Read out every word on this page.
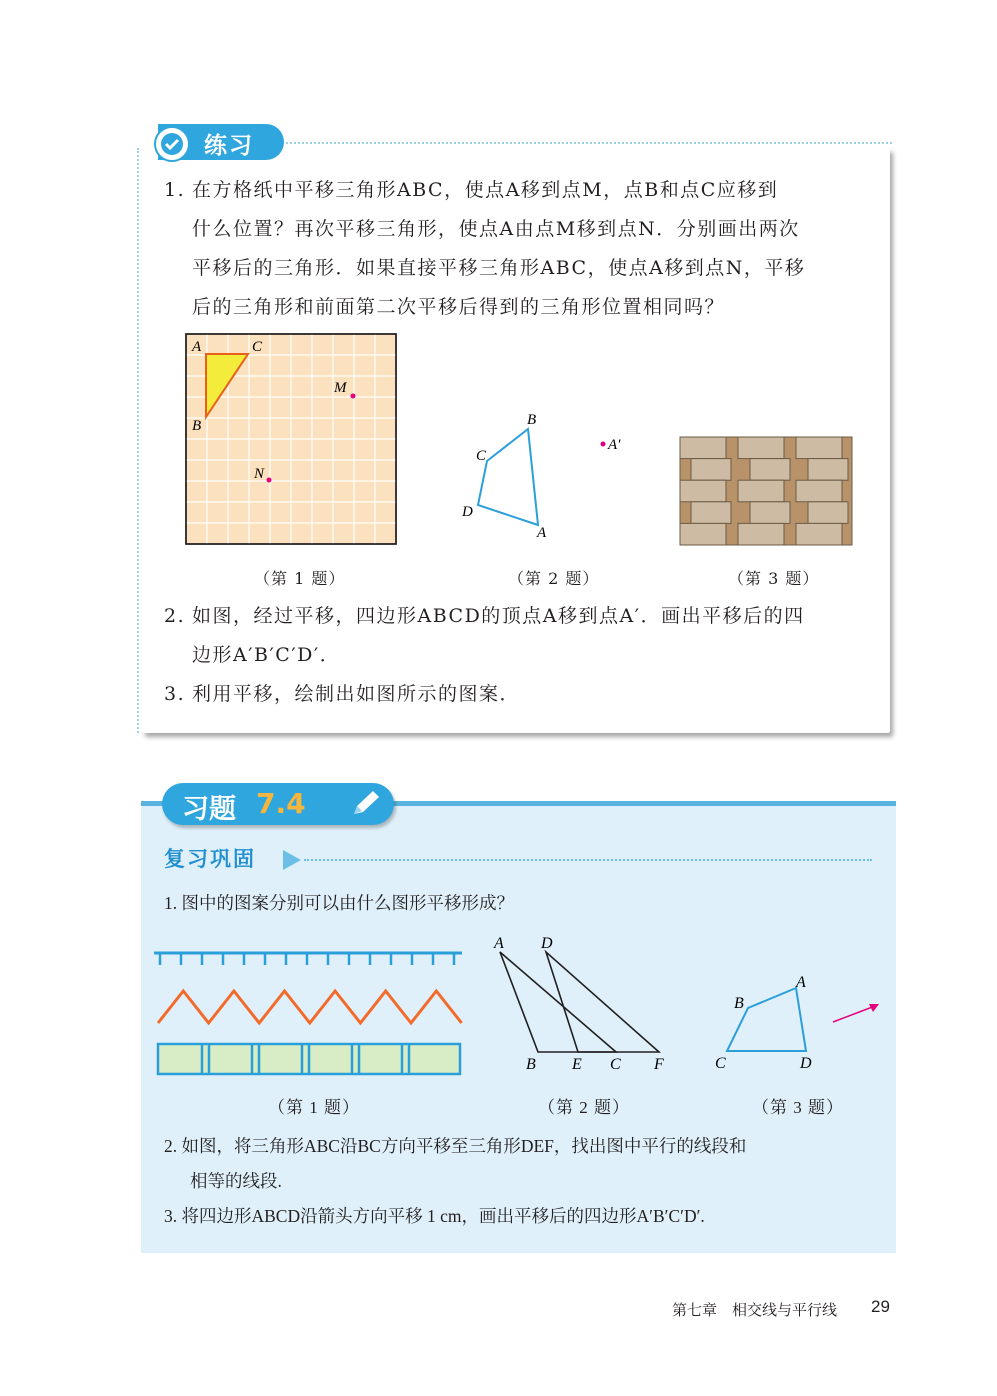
练习
1. 在方格纸中平移三角形ABC，使点A移到点M，点B和点C应移到
什么位置？再次平移三角形，使点A由点M移到点N．分别画出两次
平移后的三角形．如果直接平移三角形ABC，使点A移到点N，平移
后的三角形和前面第二次平移后得到的三角形位置相同吗？
A	C
B
M
N
（第 1 题）
B
C
D
A
A′
（第 2 题）	（第 3 题）
2. 如图，经过平移，四边形ABCD的顶点A移到点A′．画出平移后的四
边形A′B′C′D′．
3. 利用平移，绘制出如图所示的图案．
习题 7.4
复习巩固
1. 图中的图案分别可以由什么图形平移形成？
（第 1 题）
A D
B E C F
（第 2 题）
A
B
C	D
（第 3 题）
2. 如图，将三角形ABC沿BC方向平移至三角形DEF，找出图中平行的线段和
相等的线段.
3. 将四边形ABCD沿箭头方向平移 1 cm，画出平移后的四边形A′B′C′D′.
第七章　相交线与平行线 29
